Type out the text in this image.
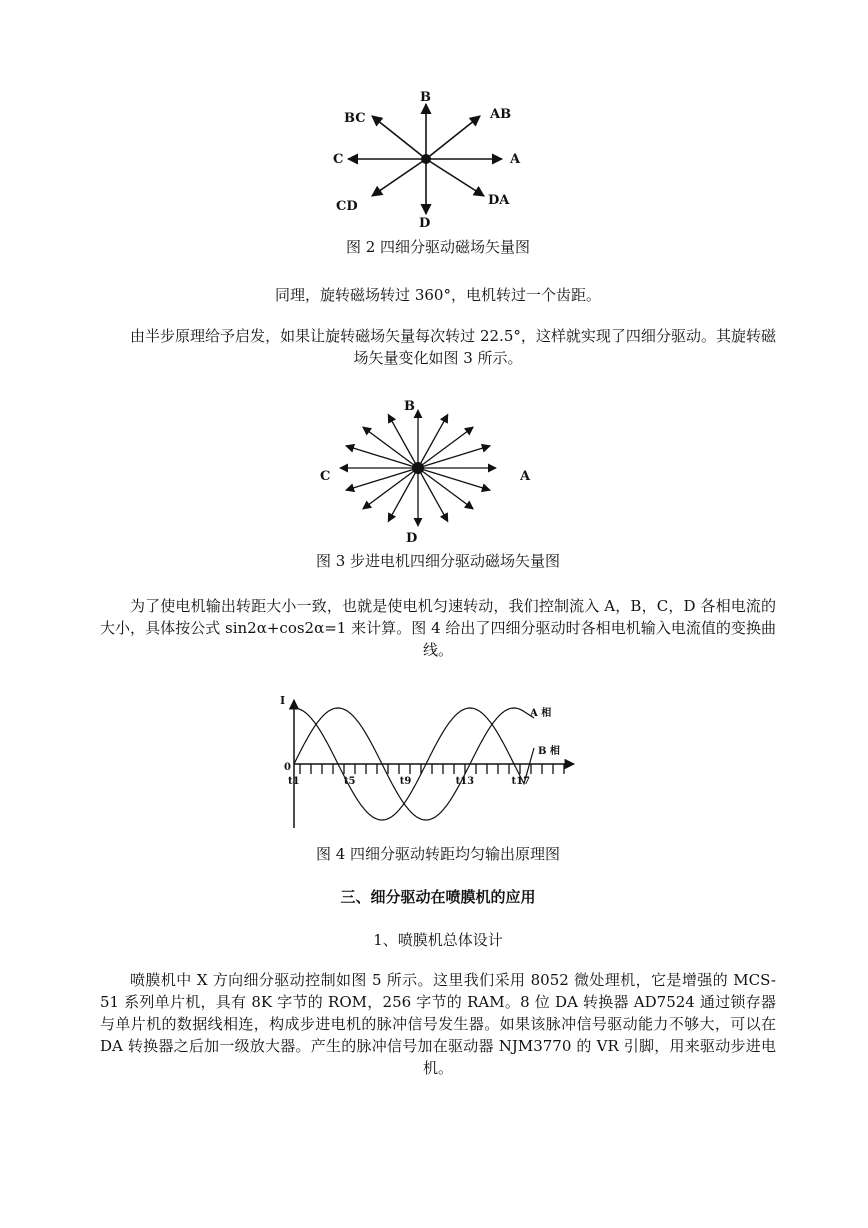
B
AB
A
DA
D
CD
C
BC

图 2 四细分驱动磁场矢量图

同理，旋转磁场转过 360°，电机转过一个齿距。

由半步原理给予启发，如果让旋转磁场矢量每次转过 22.5°，这样就实现了四细分驱动。其旋转磁场矢量变化如图 3 所示。

B
A
D
C

图 3 步进电机四细分驱动磁场矢量图

为了使电机输出转距大小一致，也就是使电机匀速转动，我们控制流入 A，B，C，D 各相电流的大小，具体按公式 sin2α+cos2α=1 来计算。图 4 给出了四细分驱动时各相电机输入电流值的变换曲线。

I
0
A 相
B 相
t1	t5	t9	t13	t17

图 4 四细分驱动转距均匀输出原理图

三、细分驱动在喷膜机的应用

1、喷膜机总体设计

喷膜机中 X 方向细分驱动控制如图 5 所示。这里我们采用 8052 微处理机，它是增强的 MCS-51 系列单片机，具有 8K 字节的 ROM，256 字节的 RAM。8 位 DA 转换器 AD7524 通过锁存器与单片机的数据线相连，构成步进电机的脉冲信号发生器。如果该脉冲信号驱动能力不够大，可以在 DA 转换器之后加一级放大器。产生的脉冲信号加在驱动器 NJM3770 的 VR 引脚，用来驱动步进电机。
